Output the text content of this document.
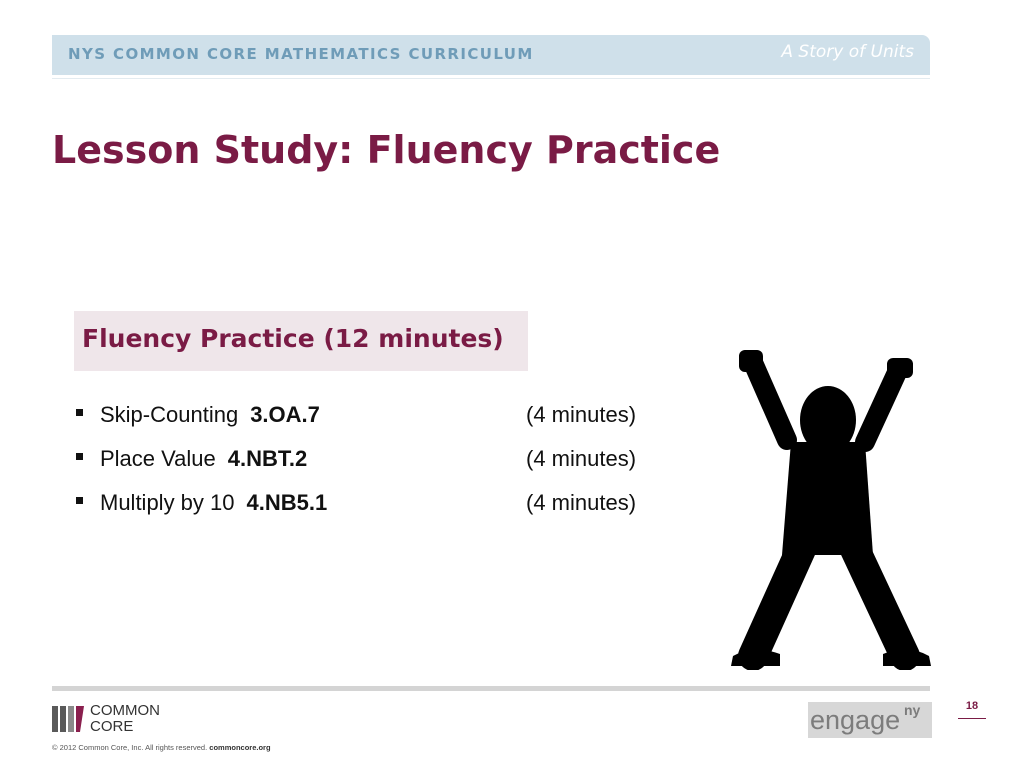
NYS COMMON CORE MATHEMATICS CURRICULUM	A Story of Units
Lesson Study: Fluency Practice
Fluency Practice (12 minutes)
Skip-Counting 3.OA.7	(4 minutes)
Place Value 4.NBT.2	(4 minutes)
Multiply by 10 4.NB5.1	(4 minutes)
COMMON
CORE
© 2012 Common Core, Inc. All rights reserved. commoncore.org
engage ny	18
